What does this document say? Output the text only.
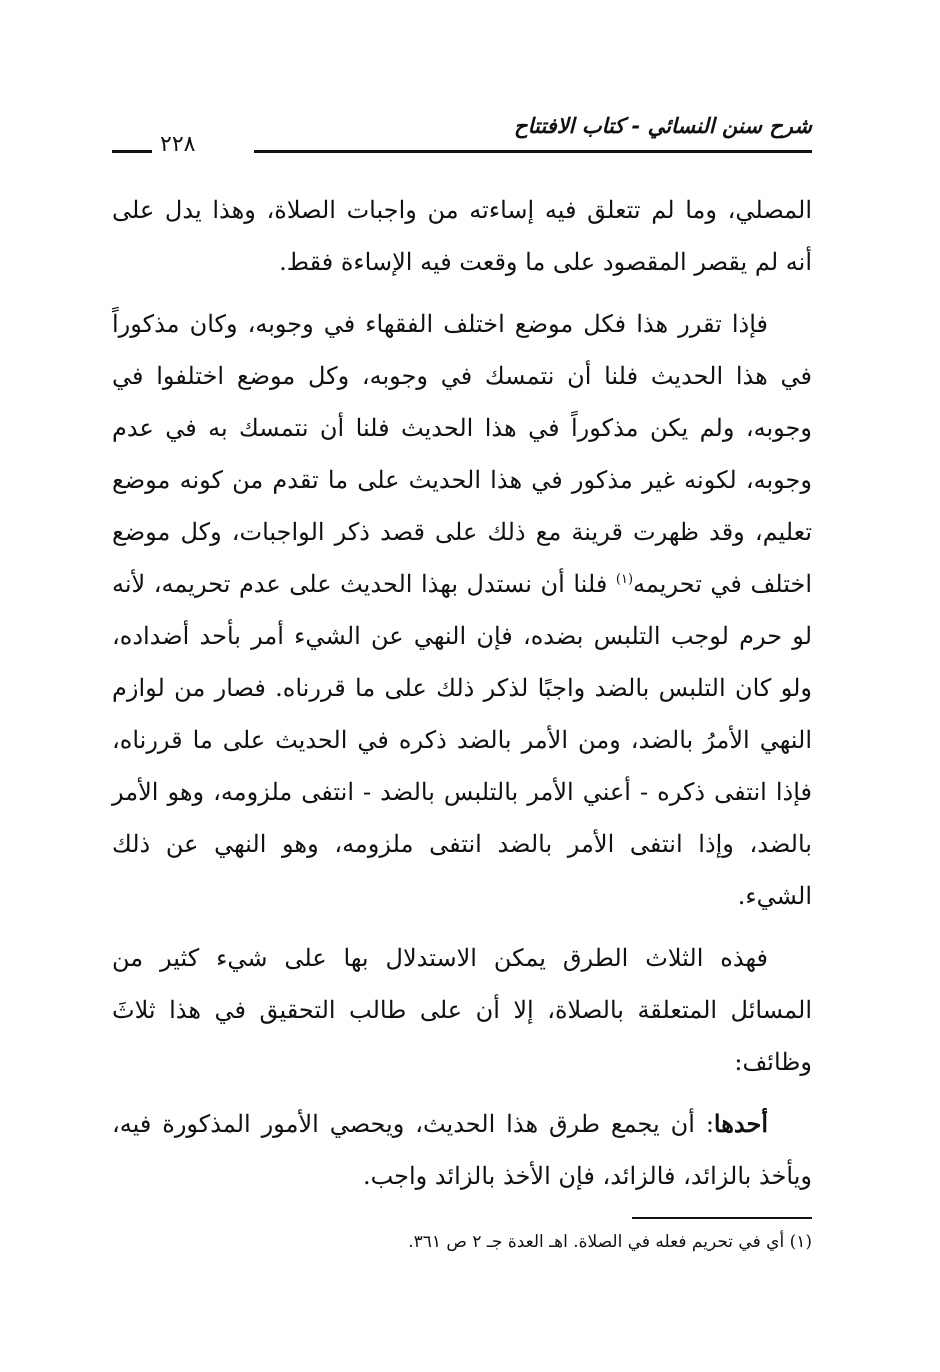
شرح سنن النسائي - كتاب الافتتاح
٢٢٨

المصلي، وما لم تتعلق فيه إساءته من واجبات الصلاة، وهذا يدل على أنه لم يقصر المقصود على ما وقعت فيه الإساءة فقط.

فإذا تقرر هذا فكل موضع اختلف الفقهاء في وجوبه، وكان مذكوراً في هذا الحديث فلنا أن نتمسك في وجوبه، وكل موضع اختلفوا في وجوبه، ولم يكن مذكوراً في هذا الحديث فلنا أن نتمسك به في عدم وجوبه، لكونه غير مذكور في هذا الحديث على ما تقدم من كونه موضع تعليم، وقد ظهرت قرينة مع ذلك على قصد ذكر الواجبات، وكل موضع اختلف في تحريمه$^{(١)}$ فلنا أن نستدل بهذا الحديث على عدم تحريمه، لأنه لو حرم لوجب التلبس بضده، فإن النهي عن الشيء أمر بأحد أضداده، ولو كان التلبس بالضد واجبًا لذكر ذلك على ما قررناه. فصار من لوازم النهي الأمرُ بالضد، ومن الأمر بالضد ذكره في الحديث على ما قررناه، فإذا انتفى ذكره - أعني الأمر بالتلبس بالضد - انتفى ملزومه، وهو الأمر بالضد، وإذا انتفى الأمر بالضد انتفى ملزومه، وهو النهي عن ذلك الشيء.

فهذه الثلاث الطرق يمكن الاستدلال بها على شيء كثير من المسائل المتعلقة بالصلاة، إلا أن على طالب التحقيق في هذا ثلاثَ وظائف:

أحدها: أن يجمع طرق هذا الحديث، ويحصي الأمور المذكورة فيه، ويأخذ بالزائد، فالزائد، فإن الأخذ بالزائد واجب.

(١) أي في تحريم فعله في الصلاة. اهـ العدة جـ ٢ ص ٣٦١.
